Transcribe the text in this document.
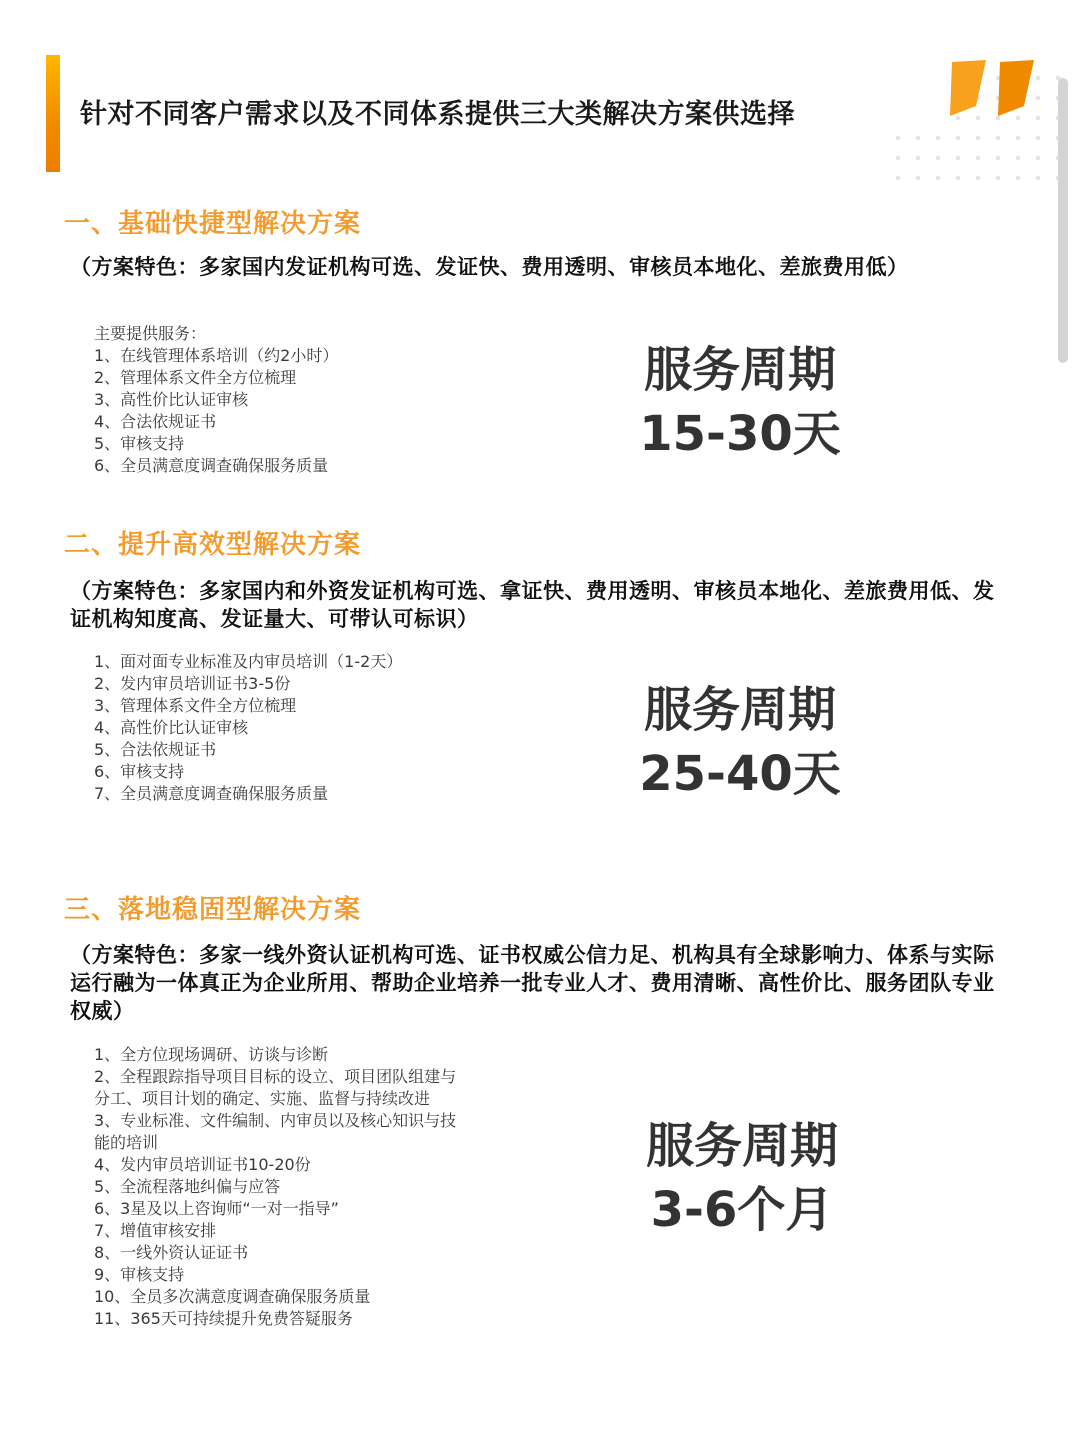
针对不同客户需求以及不同体系提供三大类解决方案供选择
一、基础快捷型解决方案
（方案特色：多家国内发证机构可选、发证快、费用透明、审核员本地化、差旅费用低）
主要提供服务：
1、在线管理体系培训（约2小时）
2、管理体系文件全方位梳理
3、高性价比认证审核
4、合法依规证书
5、审核支持
6、全员满意度调查确保服务质量
服务周期
15-30天
二、提升高效型解决方案
（方案特色：多家国内和外资发证机构可选、拿证快、费用透明、审核员本地化、差旅费用低、发证机构知度高、发证量大、可带认可标识）
1、面对面专业标准及内审员培训（1-2天）
2、发内审员培训证书3-5份
3、管理体系文件全方位梳理
4、高性价比认证审核
5、合法依规证书
6、审核支持
7、全员满意度调查确保服务质量
服务周期
25-40天
三、落地稳固型解决方案
（方案特色：多家一线外资认证机构可选、证书权威公信力足、机构具有全球影响力、体系与实际运行融为一体真正为企业所用、帮助企业培养一批专业人才、费用清晰、高性价比、服务团队专业权威）
1、全方位现场调研、访谈与诊断
2、全程跟踪指导项目目标的设立、项目团队组建与
分工、项目计划的确定、实施、监督与持续改进
3、专业标准、文件编制、内审员以及核心知识与技
能的培训
4、发内审员培训证书10-20份
5、全流程落地纠偏与应答
6、3星及以上咨询师“一对一指导”
7、增值审核安排
8、一线外资认证证书
9、审核支持
10、全员多次满意度调查确保服务质量
11、365天可持续提升免费答疑服务
服务周期
3-6个月
